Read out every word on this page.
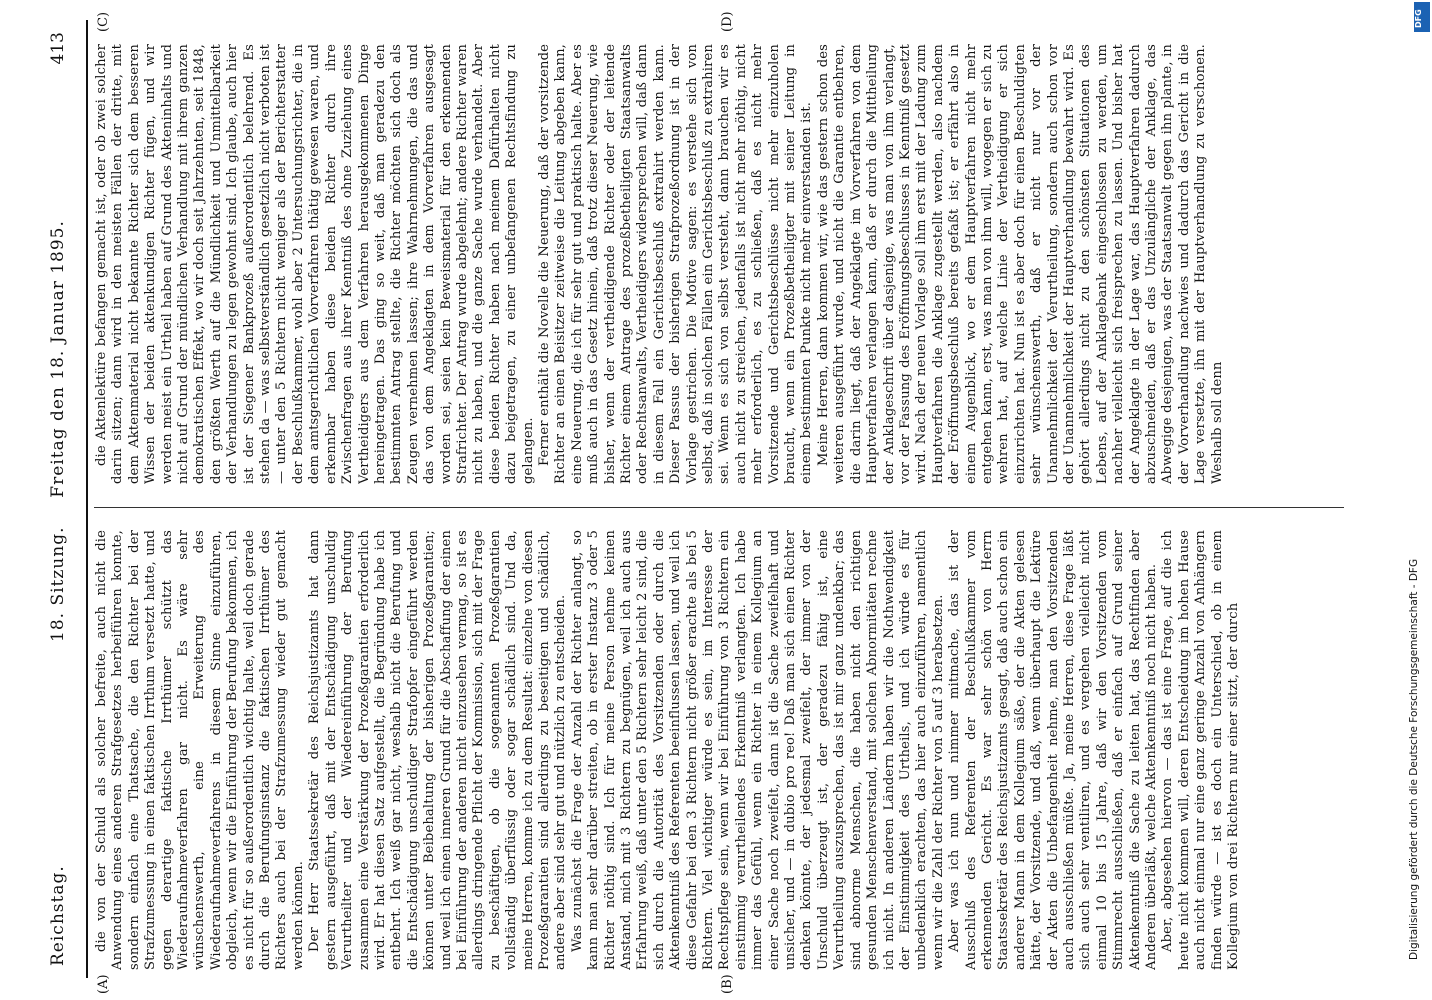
Reichstag.
18. Sitzung.  Freitag den 18. Januar 1895.
413
(A)	(B)
(C)	(D)

die von der Schuld als solcher befreite, auch nicht die Anwendung eines anderen Strafgesetzes herbeiführen konnte, sondern einfach eine Thatsache, die den Richter bei der Strafzumessung in einen faktischen Irrthum versetzt hatte, und gegen derartige faktische Irrthümer schützt das Wiederaufnahmeverfahren gar nicht. Es wäre sehr wünschenswerth, eine Erweiterung des Wiederaufnahmeverfahrens in diesem Sinne einzuführen, obgleich, wenn wir die Einführung der Berufung bekommen, ich es nicht für so außerordentlich wichtig halte, weil doch gerade durch die Berufungsinstanz die faktischen Irrthümer des Richters auch bei der Strafzumessung wieder gut gemacht werden können. Der Herr Staatssekretär des Reichsjustizamts hat dann gestern ausgeführt, daß mit der Entschädigung unschuldig Verurtheilter und der Wiedereinführung der Berufung zusammen eine Verstärkung der Prozeßgarantien erforderlich wird. Er hat diesen Satz aufgestellt, die Begründung habe ich entbehrt. Ich weiß gar nicht, weshalb nicht die Berufung und die Entschädigung unschuldiger Strafopfer eingeführt werden können unter Beibehaltung der bisherigen Prozeßgarantien; und weil ich einen inneren Grund für die Abschaffung der einen bei Einführung der anderen nicht einzusehen vermag, so ist es allerdings dringende Pflicht der Kommission, sich mit der Frage zu beschäftigen, ob die sogenannten Prozeßgarantien vollständig überflüssig oder sogar schädlich sind. Und da, meine Herren, komme ich zu dem Resultat: einzelne von diesen Prozeßgarantien sind allerdings zu beseitigen und schädlich, andere aber sind sehr gut und nützlich zu entscheiden. Was zunächst die Frage der Anzahl der Richter anlangt, so kann man sehr darüber streiten, ob in erster Instanz 3 oder 5 Richter nöthig sind. Ich für meine Person nehme keinen Anstand, mich mit 3 Richtern zu begnügen, weil ich auch aus Erfahrung weiß, daß unter den 5 Richtern sehr leicht 2 sind, die sich durch die Autorität des Vorsitzenden oder durch die Aktenkenntniß des Referenten beeinflussen lassen, und weil ich diese Gefahr bei den 3 Richtern nicht größer erachte als bei 5 Richtern. Viel wichtiger würde es sein, im Interesse der Rechtspflege sein, wenn wir bei Einführung von 3 Richtern ein einstimmig verurtheilendes Erkenntniß verlangten. Ich habe immer das Gefühl, wenn ein Richter in einem Kollegium an einer Sache noch zweifelt, dann ist die Sache zweifelhaft und unsicher, und — in dubio pro reo! Daß man sich einen Richter denken könnte, der jedesmal zweifelt, der immer von der Unschuld überzeugt ist, der geradezu fähig ist, eine Verurtheilung auszusprechen, das ist mir ganz undenkbar; das sind abnorme Menschen, die haben nicht den richtigen gesunden Menschenverstand, mit solchen Abnormitäten rechne ich nicht. In anderen Ländern haben wir die Nothwendigkeit der Einstimmigkeit des Urtheils, und ich würde es für unbedenklich erachten, das hier auch einzuführen, namentlich wenn wir die Zahl der Richter von 5 auf 3 herabsetzen. Aber was ich nun und nimmer mitmache, das ist der Ausschluß des Referenten der Beschlußkammer vom erkennenden Gericht. Es war sehr schön von Herrn Staatssekretär des Reichsjustizamts gesagt, daß auch schon ein anderer Mann in dem Kollegium säße, der die Akten gelesen hätte, der Vorsitzende, und daß, wenn überhaupt die Lektüre der Akten die Unbefangenheit nehme, man den Vorsitzenden auch ausschließen müßte. Ja, meine Herren, diese Frage läßt sich auch sehr ventiliren, und es vergehen vielleicht nicht einmal 10 bis 15 Jahre, daß wir den Vorsitzenden vom Stimmrecht ausschließen, daß er einfach auf Grund seiner Aktenkenntniß die Sache zu leiten hat, das Rechtfinden aber Anderen überläßt, welche Aktenkenntniß noch nicht haben. Aber, abgesehen hiervon — das ist eine Frage, auf die ich heute nicht kommen will, deren Entscheidung im hohen Hause auch nicht einmal nur eine ganz geringe Anzahl von Anhängern finden würde — ist es doch ein Unterschied, ob in einem Kollegium von drei Richtern nur einer sitzt, der durch

die Aktenlektüre befangen gemacht ist, oder ob zwei solcher darin sitzen; dann wird in den meisten Fällen der dritte, mit dem Aktenmaterial nicht bekannte Richter sich dem besseren Wissen der beiden aktenkundigen Richter fügen, und wir werden meist ein Urtheil haben auf Grund des Akteninhalts und nicht auf Grund der mündlichen Verhandlung mit ihrem ganzen demokratischen Effekt, wo wir doch seit Jahrzehnten, seit 1848, den größten Werth auf die Mündlichkeit und Unmittelbarkeit der Verhandlungen zu legen gewohnt sind. Ich glaube, auch hier ist der Siegener Bankprozeß außerordentlich belehrend. Es stehen da — was selbstverständlich gesetzlich nicht verboten ist — unter den 5 Richtern nicht weniger als der Berichterstatter der Beschlußkammer, wohl aber 2 Untersuchungsrichter, die in dem amtsgerichtlichen Vorverfahren thätig gewesen waren, und erkennbar haben diese beiden Richter durch ihre Zwischenfragen aus ihrer Kenntniß des ohne Zuziehung eines Vertheidigers aus dem Verfahren herausgekommenen Dinge hereingetragen. Das ging so weit, daß man geradezu den bestimmten Antrag stellte, die Richter möchten sich doch als Zeugen vernehmen lassen; ihre Wahrnehmungen, die das und das von dem Angeklagten in dem Vorverfahren ausgesagt worden sei, seien kein Beweismaterial für den erkennenden Strafrichter. Der Antrag wurde abgelehnt; andere Richter waren nicht zu haben, und die ganze Sache wurde verhandelt. Aber diese beiden Richter haben nach meinem Dafürhalten nicht dazu beigetragen, zu einer unbefangenen Rechtsfindung zu gelangen. Ferner enthält die Novelle die Neuerung, daß der vorsitzende Richter an einen Beisitzer zeitweise die Leitung abgeben kann, eine Neuerung, die ich für sehr gut und praktisch halte. Aber es muß auch in das Gesetz hinein, daß trotz dieser Neuerung, wie bisher, wenn der vertheidigende Richter oder der leitende Richter einem Antrage des prozeßbetheiligten Staatsanwalts oder Rechtsanwalts, Vertheidigers widersprechen will, daß dann in diesem Fall ein Gerichtsbeschluß extrahirt werden kann. Dieser Passus der bisherigen Strafprozeßordnung ist in der Vorlage gestrichen. Die Motive sagen: es verstehe sich von selbst, daß in solchen Fällen ein Gerichtsbeschluß zu extrahiren sei. Wenn es sich von selbst versteht, dann brauchen wir es auch nicht zu streichen, jedenfalls ist nicht mehr nöthig, nicht mehr erforderlich, es zu schließen, daß es nicht mehr Vorsitzende und Gerichtsbeschlüsse nicht mehr einzuholen braucht, wenn ein Prozeßbetheiligter mit seiner Leitung in einem bestimmten Punkte nicht mehr einverstanden ist. Meine Herren, dann kommen wir, wie das gestern schon des weiteren ausgeführt wurde, und nicht die Garantie entbehren, die darin liegt, daß der Angeklagte im Vorverfahren von dem Hauptverfahren verlangen kann, daß er durch die Mittheilung der Anklageschrift über dasjenige, was man von ihm verlangt, vor der Fassung des Eröffnungsbeschlusses in Kenntniß gesetzt wird. Nach der neuen Vorlage soll ihm erst mit der Ladung zum Hauptverfahren die Anklage zugestellt werden, also nachdem der Eröffnungsbeschluß bereits gefaßt ist; er erfährt also in einem Augenblick, wo er dem Hauptverfahren nicht mehr entgehen kann, erst, was man von ihm will, wogegen er sich zu wehren hat, auf welche Linie der Vertheidigung er sich einzurichten hat. Nun ist es aber doch für einen Beschuldigten sehr wünschenswerth, daß er nicht nur vor der Unannehmlichkeit der Verurtheilung, sondern auch schon vor der Unannehmlichkeit der Hauptverhandlung bewahrt wird. Es gehört allerdings nicht zu den schönsten Situationen des Lebens, auf der Anklagebank eingeschlossen zu werden, um nachher vielleicht sich freisprechen zu lassen. Und bisher hat der Angeklagte in der Lage war, das Hauptverfahren dadurch abzuschneiden, daß er das Unzulängliche der Anklage, das Abwegige desjenigen, was der Staatsanwalt gegen ihn plante, in der Vorverhandlung nachwies und dadurch das Gericht in die Lage versetzte, ihn mit der Hauptverhandlung zu verschonen. Weshalb soll denn

Digitalisierung gefördert durch die Deutsche Forschungsgemeinschaft - DFG
DFG
